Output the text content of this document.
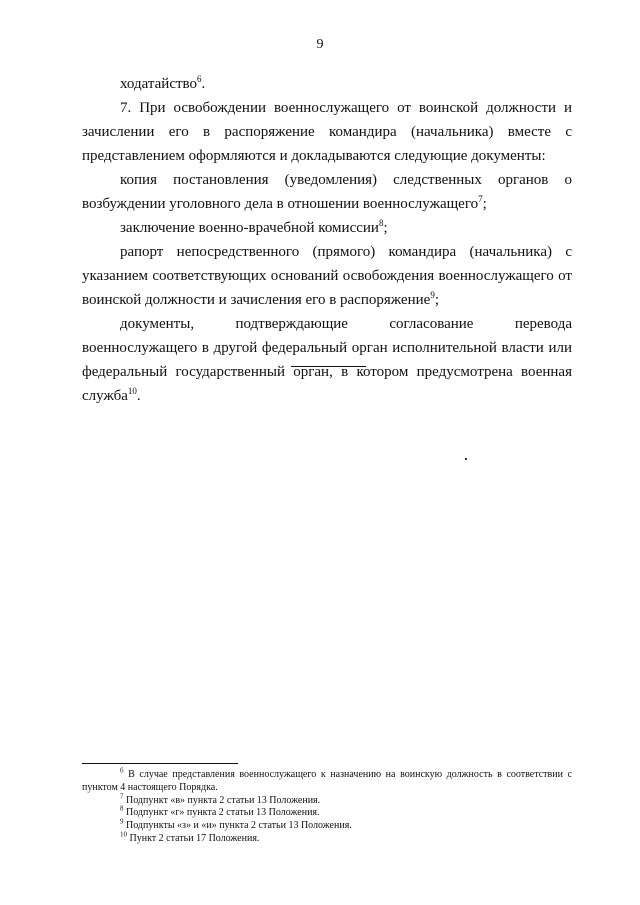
9

ходатайство$^6$.

7. При освобождении военнослужащего от воинской должности и зачислении его в распоряжение командира (начальника) вместе с представлением оформляются и докладываются следующие документы:

копия постановления (уведомления) следственных органов о возбуждении уголовного дела в отношении военнослужащего$^7$;

заключение военно-врачебной комиссии$^8$;

рапорт непосредственного (прямого) командира (начальника) с указанием соответствующих оснований освобождения военнослужащего от воинской должности и зачисления его в распоряжение$^9$;

документы, подтверждающие согласование перевода военнослужащего в другой федеральный орган исполнительной власти или федеральный государственный орган, в котором предусмотрена военная служба$^{10}$.

$^6$ В случае представления военнослужащего к назначению на воинскую должность в соответствии с пунктом 4 настоящего Порядка.

$^7$ Подпункт «в» пункта 2 статьи 13 Положения.

$^8$ Подпункт «г» пункта 2 статьи 13 Положения.

$^9$ Подпункты «з» и «и» пункта 2 статьи 13 Положения.

$^{10}$ Пункт 2 статьи 17 Положения.
